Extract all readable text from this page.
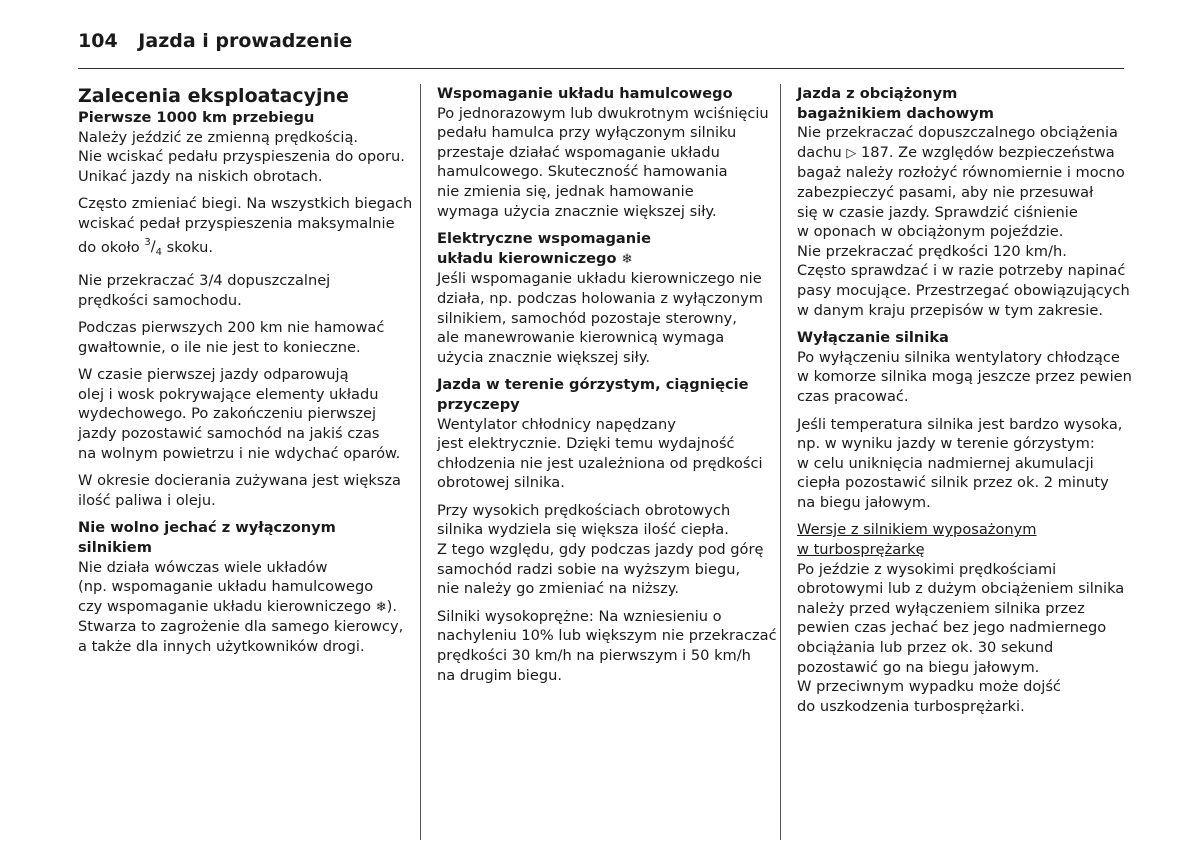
104 Jazda i prowadzenie
Zalecenia eksploatacyjne
Pierwsze 1000 km przebiegu
Należy jeździć ze zmienną prędkością.
Nie wciskać pedału przyspieszenia do oporu.
Unikać jazdy na niskich obrotach.
Często zmieniać biegi. Na wszystkich biegach
wciskać pedał przyspieszenia maksymalnie
do około $^3/_4$ skoku.
Nie przekraczać 3/4 dopuszczalnej
prędkości samochodu.
Podczas pierwszych 200 km nie hamować
gwałtownie, o ile nie jest to konieczne.
W czasie pierwszej jazdy odparowują
olej i wosk pokrywające elementy układu
wydechowego. Po zakończeniu pierwszej
jazdy pozostawić samochód na jakiś czas
na wolnym powietrzu i nie wdychać oparów.
W okresie docierania zużywana jest większa
ilość paliwa i oleju.
Nie wolno jechać z wyłączonym silnikiem
Nie działa wówczas wiele układów
(np. wspomaganie układu hamulcowego
czy wspomaganie układu kierowniczego ❄).
Stwarza to zagrożenie dla samego kierowcy,
a także dla innych użytkowników drogi.
Wspomaganie układu hamulcowego
Po jednorazowym lub dwukrotnym wciśnięciu
pedału hamulca przy wyłączonym silniku
przestaje działać wspomaganie układu
hamulcowego. Skuteczność hamowania
nie zmienia się, jednak hamowanie
wymaga użycia znacznie większej siły.
Elektryczne wspomaganie
układu kierowniczego ❄
Jeśli wspomaganie układu kierowniczego nie
działa, np. podczas holowania z wyłączonym
silnikiem, samochód pozostaje sterowny,
ale manewrowanie kierownicą wymaga
użycia znacznie większej siły.
Jazda w terenie górzystym, ciągnięcie
przyczepy
Wentylator chłodnicy napędzany
jest elektrycznie. Dzięki temu wydajność
chłodzenia nie jest uzależniona od prędkości
obrotowej silnika.
Przy wysokich prędkościach obrotowych
silnika wydziela się większa ilość ciepła.
Z tego względu, gdy podczas jazdy pod górę
samochód radzi sobie na wyższym biegu,
nie należy go zmieniać na niższy.
Silniki wysokoprężne: Na wzniesieniu o
nachyleniu 10% lub większym nie przekraczać
prędkości 30 km/h na pierwszym i 50 km/h
na drugim biegu.
Jazda z obciążonym
bagażnikiem dachowym
Nie przekraczać dopuszczalnego obciążenia
dachu ▷ 187. Ze względów bezpieczeństwa
bagaż należy rozłożyć równomiernie i mocno
zabezpieczyć pasami, aby nie przesuwał
się w czasie jazdy. Sprawdzić ciśnienie
w oponach w obciążonym pojeździe.
Nie przekraczać prędkości 120 km/h.
Często sprawdzać i w razie potrzeby napinać
pasy mocujące. Przestrzegać obowiązujących
w danym kraju przepisów w tym zakresie.
Wyłączanie silnika
Po wyłączeniu silnika wentylatory chłodzące
w komorze silnika mogą jeszcze przez pewien
czas pracować.
Jeśli temperatura silnika jest bardzo wysoka,
np. w wyniku jazdy w terenie górzystym:
w celu uniknięcia nadmiernej akumulacji
ciepła pozostawić silnik przez ok. 2 minuty
na biegu jałowym.
Wersje z silnikiem wyposażonym
w turbosprężarkę
Po jeździe z wysokimi prędkościami
obrotowymi lub z dużym obciążeniem silnika
należy przed wyłączeniem silnika przez
pewien czas jechać bez jego nadmiernego
obciążania lub przez ok. 30 sekund
pozostawić go na biegu jałowym.
W przeciwnym wypadku może dojść
do uszkodzenia turbosprężarki.
